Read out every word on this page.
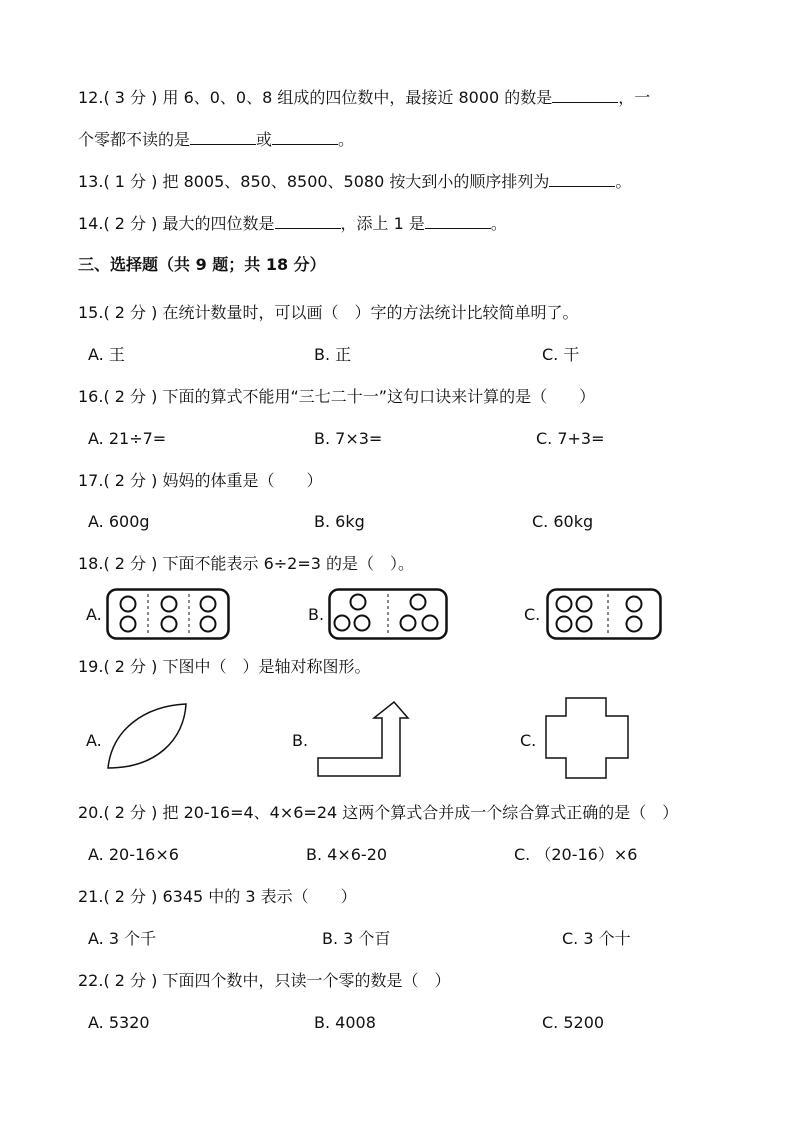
12.( 3 分 ) 用 6、0、0、8 组成的四位数中，最接近 8000 的数是	，一
个零都不读的是	或	。
13.( 1 分 ) 把 8005、850、8500、5080 按大到小的顺序排列为	。
14.( 2 分 ) 最大的四位数是	，添上 1 是	。
三、选择题（共 9 题；共 18 分）
15.( 2 分 ) 在统计数量时，可以画（　）字的方法统计比较简单明了。
A. 王	B. 正	C. 干
16.( 2 分 ) 下面的算式不能用“三七二十一”这句口诀来计算的是（　　）
A. 21÷7=	B. 7×3=	C. 7+3=
17.( 2 分 ) 妈妈的体重是（　　）
A. 600g	B. 6kg	C. 60kg
18.( 2 分 ) 下面不能表示 6÷2=3 的是（　）。
A.	B.	C.
19.( 2 分 ) 下图中（　）是轴对称图形。
A.	B.	C.
20.( 2 分 ) 把 20-16=4、4×6=24 这两个算式合并成一个综合算式正确的是（　）
A. 20-16×6	B. 4×6-20	C. （20-16）×6
21.( 2 分 ) 6345 中的 3 表示（　　）
A. 3 个千	B. 3 个百	C. 3 个十
22.( 2 分 ) 下面四个数中，只读一个零的数是（　）
A. 5320	B. 4008	C. 5200
